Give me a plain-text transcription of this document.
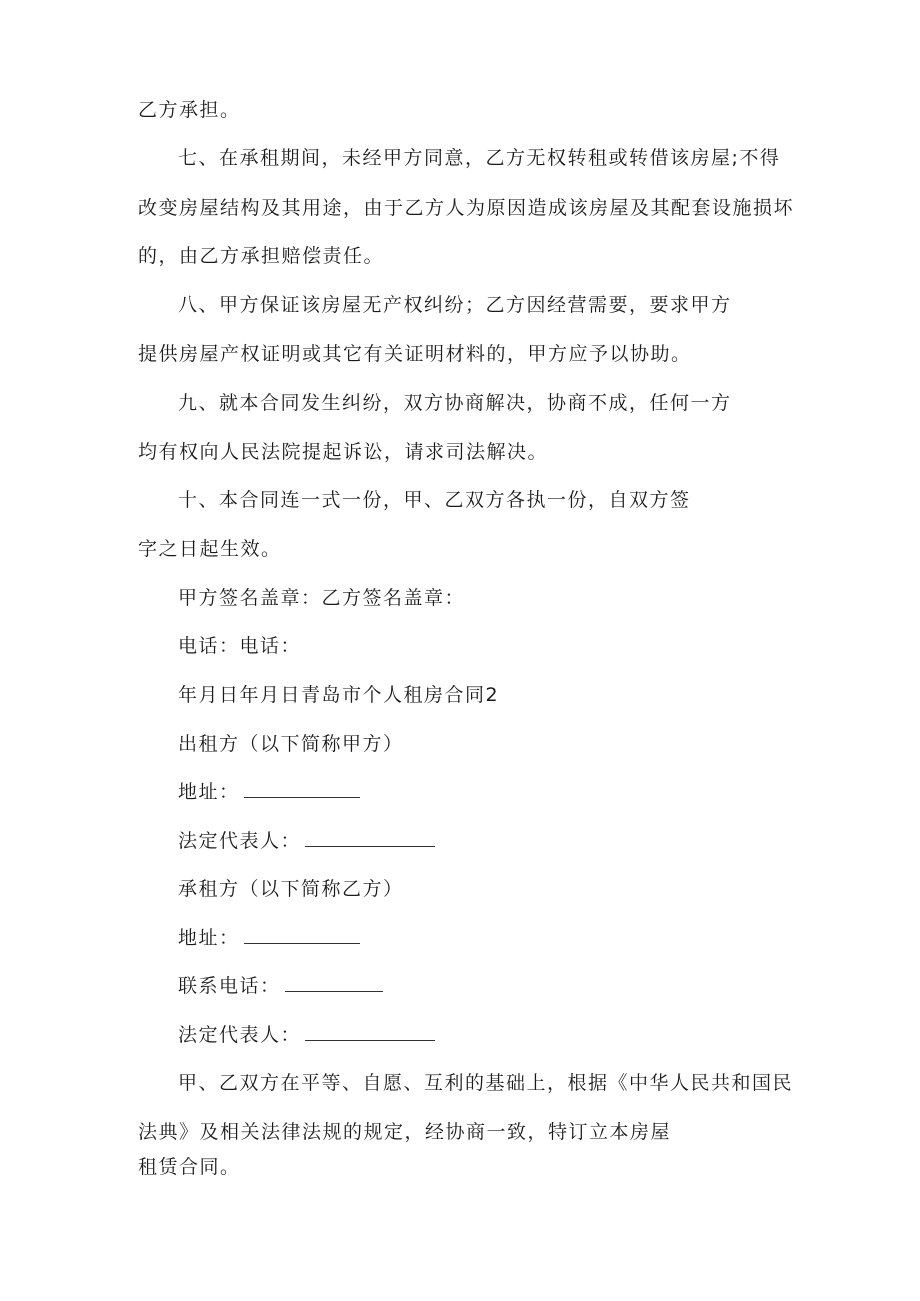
乙方承担。
七、在承租期间，未经甲方同意，乙方无权转租或转借该房屋;不得
改变房屋结构及其用途，由于乙方人为原因造成该房屋及其配套设施损坏
的，由乙方承担赔偿责任。
八、甲方保证该房屋无产权纠纷；乙方因经营需要，要求甲方
提供房屋产权证明或其它有关证明材料的，甲方应予以协助。
九、就本合同发生纠纷，双方协商解决，协商不成，任何一方
均有权向人民法院提起诉讼，请求司法解决。
十、本合同连一式一份，甲、乙双方各执一份，自双方签
字之日起生效。
甲方签名盖章：乙方签名盖章：
电话：电话：
年月日年月日青岛市个人租房合同2
出租方（以下简称甲方）
地址：
法定代表人：
承租方（以下简称乙方）
地址：
联系电话：
法定代表人：
甲、乙双方在平等、自愿、互利的基础上，根据《中华人民共和国民
法典》及相关法律法规的规定，经协商一致，特订立本房屋
租赁合同。
